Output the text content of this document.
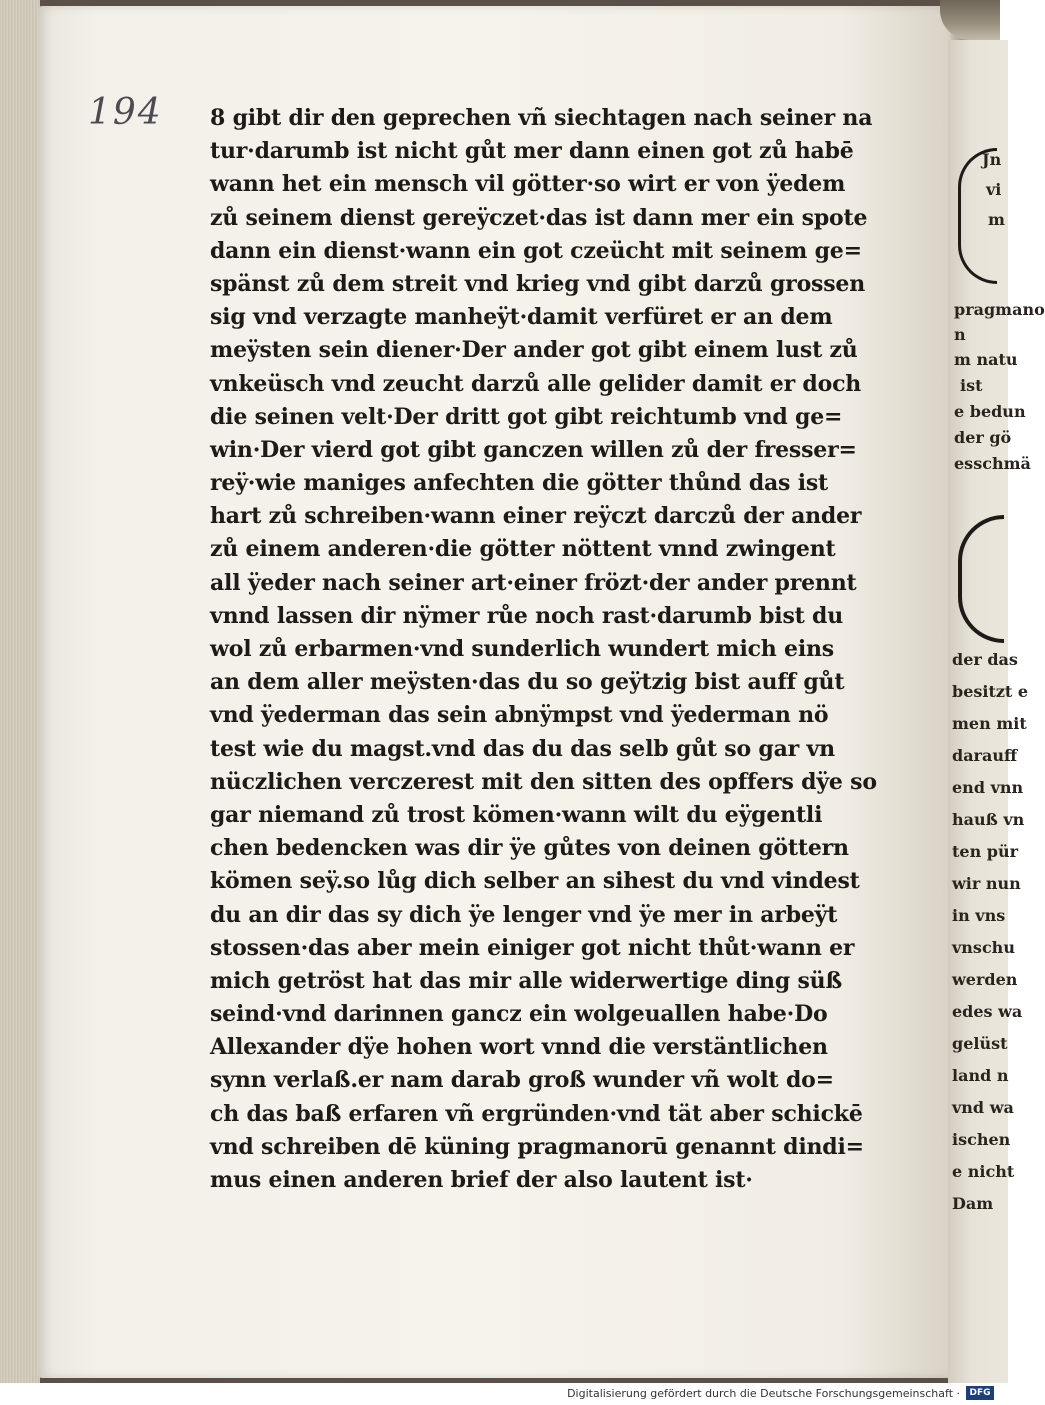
194 8 gibt dir den geprechen vñ siechtagen nach seiner na
tur·darumb ist nicht gůt mer dann einen got zů habē
wann het ein mensch vil götter·so wirt er von ÿedem
zů seinem dienst gereÿczet·das ist dann mer ein spote
dann ein dienst·wann ein got czeücht mit seinem ge=
spänst zů dem streit vnd krieg vnd gibt darzů grossen
sig vnd verzagte manheÿt·damit verfüret er an dem
meÿsten sein diener·Der ander got gibt einem lust zů
vnkeüsch vnd zeucht darzů alle gelider damit er doch
die seinen velt·Der dritt got gibt reichtumb vnd ge=
win·Der vierd got gibt ganczen willen zů der fresser=
reÿ·wie maniges anfechten die götter thůnd das ist
hart zů schreiben·wann einer reÿczt darczů der ander
zů einem anderen·die götter nöttent vnnd zwingent
all ÿeder nach seiner art·einer frözt·der ander prennt
vnnd lassen dir nÿmer růe noch rast·darumb bist du
wol zů erbarmen·vnd sunderlich wundert mich eins
an dem aller meÿsten·das du so geÿtzig bist auff gůt
vnd ÿederman das sein abnÿmpst vnd ÿederman nö
test wie du magst.vnd das du das selb gůt so gar vn
nüczlichen verczerest mit den sitten des opffers dÿe so
gar niemand zů trost kömen·wann wilt du eÿgentli
chen bedencken was dir ÿe gůtes von deinen göttern
kömen seÿ.so lůg dich selber an sihest du vnd vindest
du an dir das sy dich ÿe lenger vnd ÿe mer in arbeÿt
stossen·das aber mein einiger got nicht thůt·wann er
mich getröst hat das mir alle widerwertige ding süß
seind·vnd darinnen gancz ein wolgeuallen habe·Do
Allexander dÿe hohen wort vnnd die verstäntlichen
synn verlaß.er nam darab groß wunder vñ wolt do=
ch das baß erfaren vñ ergründen·vnd tät aber schickē
vnd schreiben dē küning pragmanorū genannt dindi=
mus einen anderen brief der also lautent ist·
Jn
vi
m
pragmano
n
m natu
ist
e bedun
der gö
esschmä
der das
besitzt e
men mit
darauff
end vnn
hauß vn
ten pür
wir nun
in vns
vnschu
werden
edes wa
gelüst
land n
vnd wa
ischen
e nicht
Dam
Digitalisierung gefördert durch die Deutsche Forschungsgemeinschaft ·	DFG
